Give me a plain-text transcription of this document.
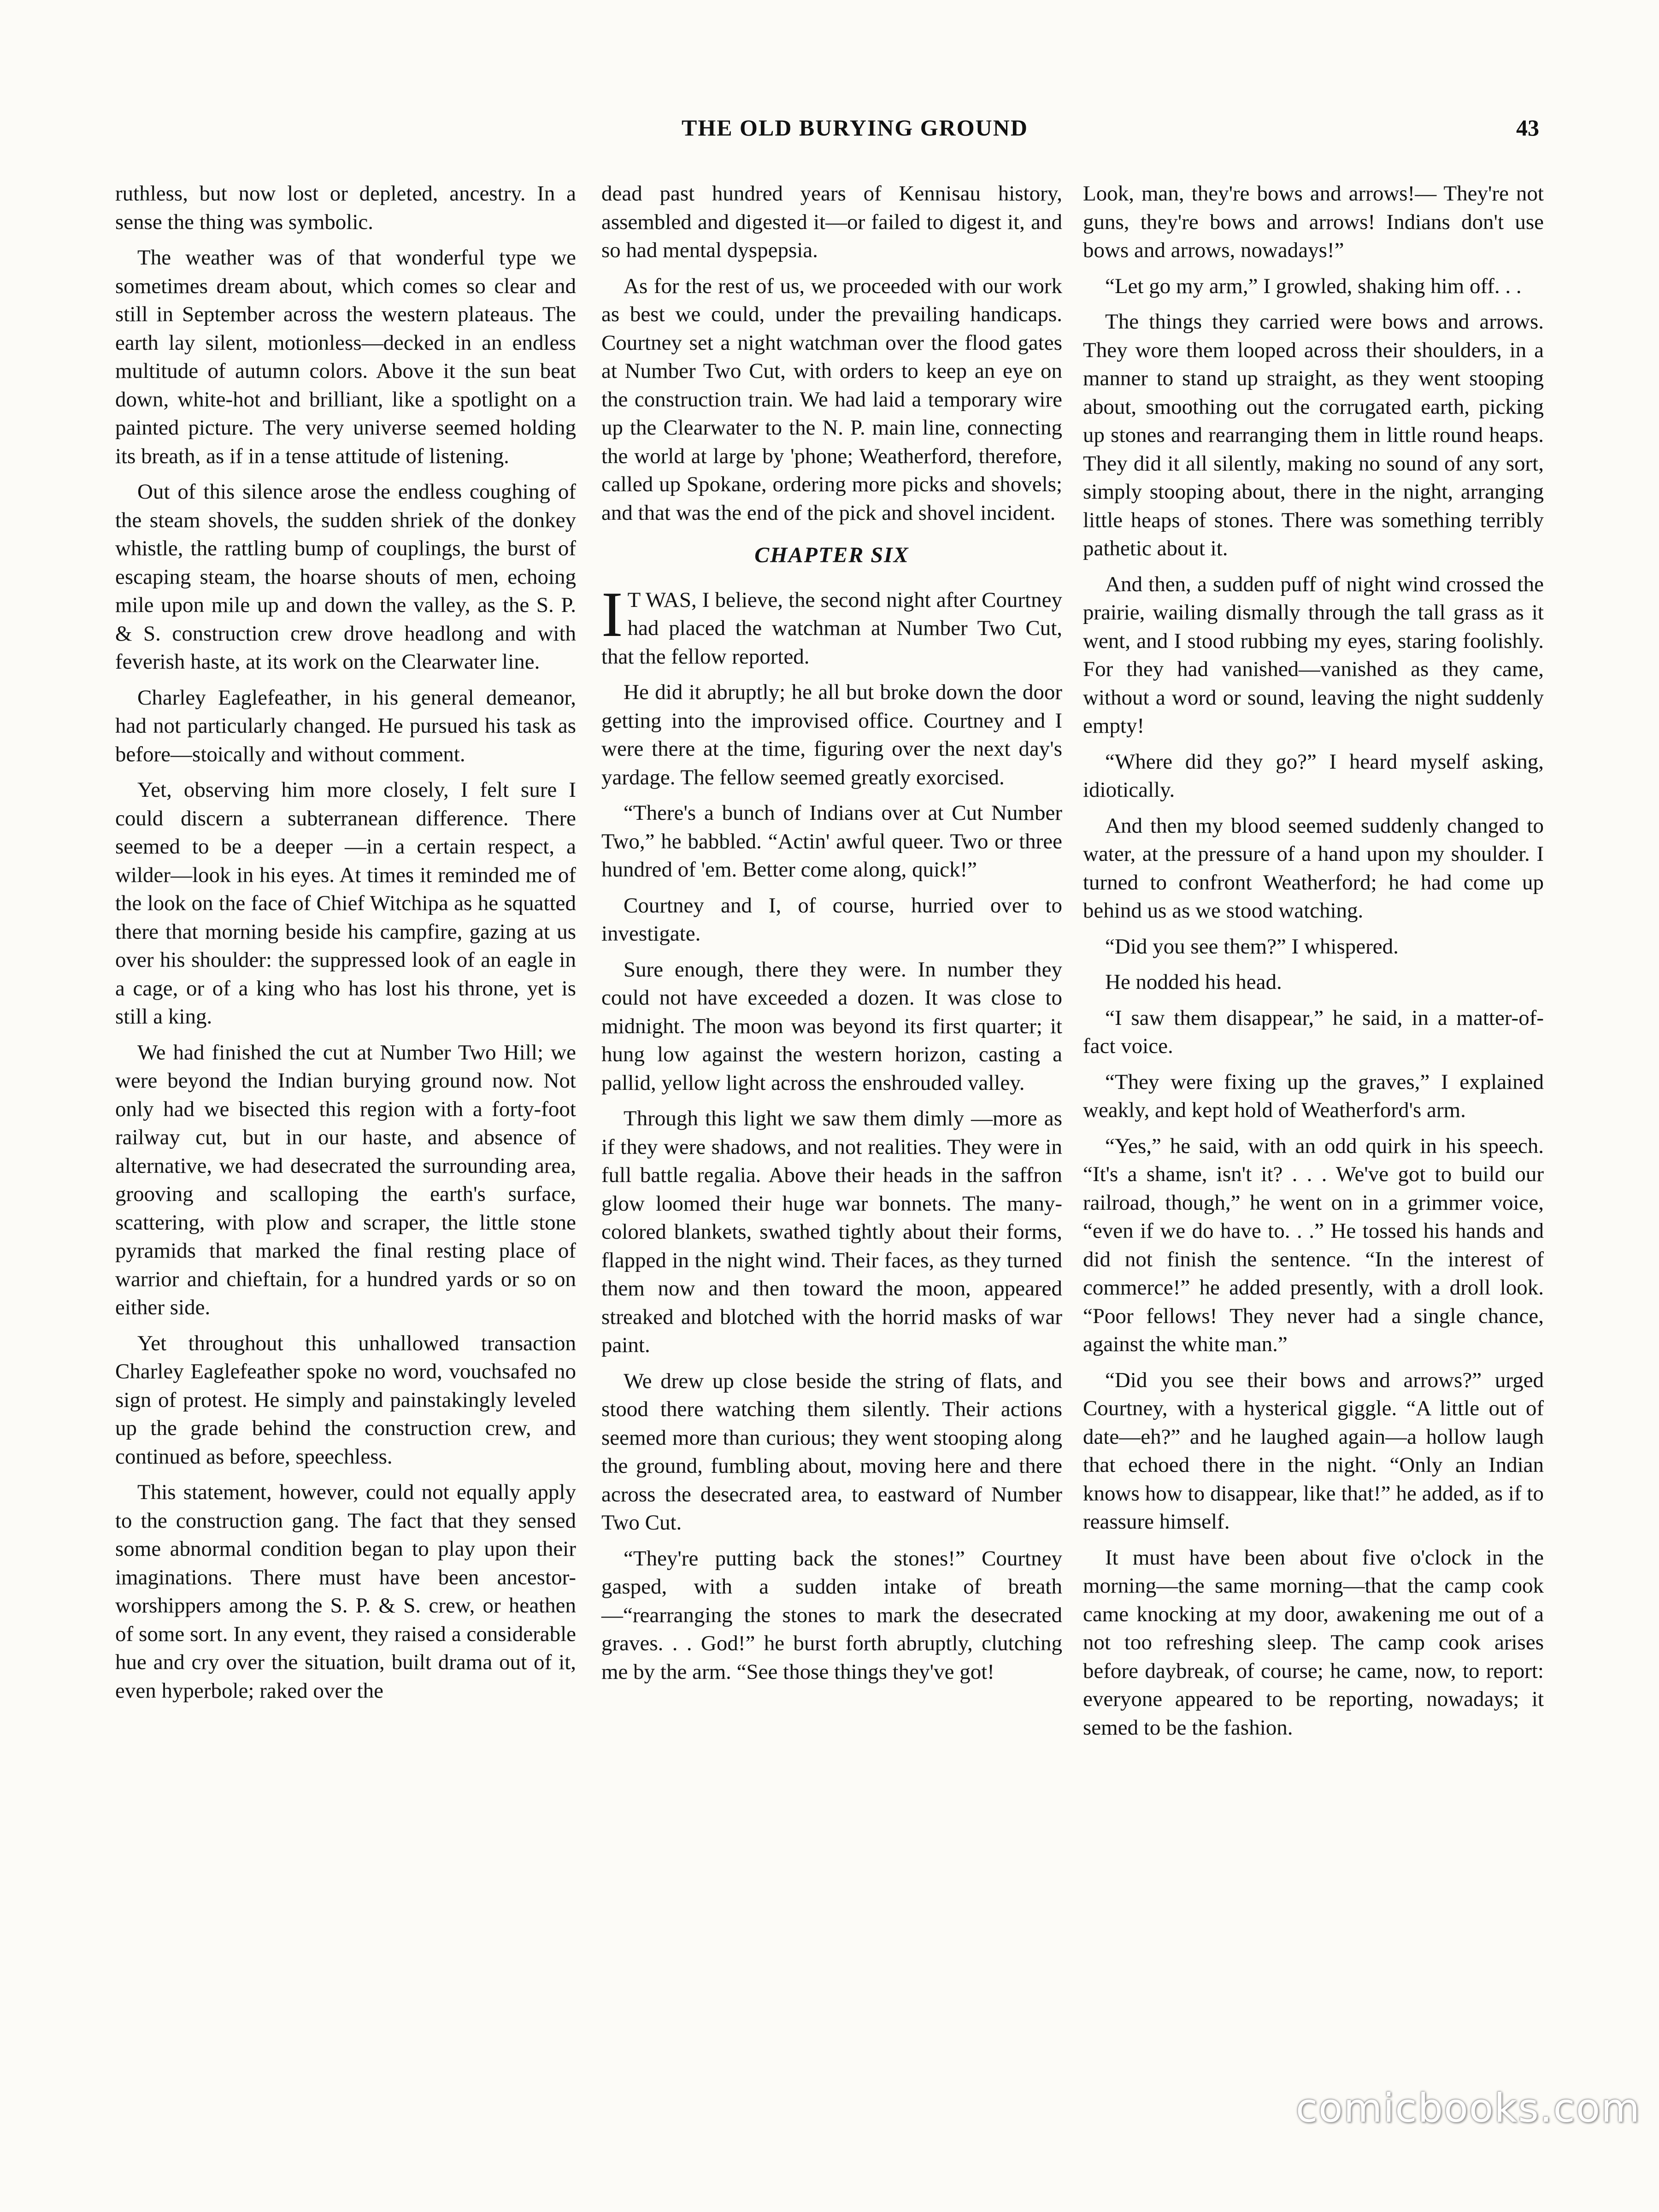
THE OLD BURYING GROUND	43

ruthless, but now lost or depleted, ancestry. In a sense the thing was symbolic.

The weather was of that wonderful type we sometimes dream about, which comes so clear and still in September across the western plateaus. The earth lay silent, motionless—decked in an endless multitude of autumn colors. Above it the sun beat down, white-hot and brilliant, like a spotlight on a painted picture. The very universe seemed holding its breath, as if in a tense attitude of listening.

Out of this silence arose the endless coughing of the steam shovels, the sudden shriek of the donkey whistle, the rattling bump of couplings, the burst of escaping steam, the hoarse shouts of men, echoing mile upon mile up and down the valley, as the S. P. & S. construction crew drove headlong and with feverish haste, at its work on the Clearwater line.

Charley Eaglefeather, in his general demeanor, had not particularly changed. He pursued his task as before—stoically and without comment.

Yet, observing him more closely, I felt sure I could discern a subterranean difference. There seemed to be a deeper —in a certain respect, a wilder—look in his eyes. At times it reminded me of the look on the face of Chief Witchipa as he squatted there that morning beside his campfire, gazing at us over his shoulder: the suppressed look of an eagle in a cage, or of a king who has lost his throne, yet is still a king.

We had finished the cut at Number Two Hill; we were beyond the Indian burying ground now. Not only had we bisected this region with a forty-foot railway cut, but in our haste, and absence of alternative, we had desecrated the surrounding area, grooving and scalloping the earth's surface, scattering, with plow and scraper, the little stone pyramids that marked the final resting place of warrior and chieftain, for a hundred yards or so on either side.

Yet throughout this unhallowed transaction Charley Eaglefeather spoke no word, vouchsafed no sign of protest. He simply and painstakingly leveled up the grade behind the construction crew, and continued as before, speechless.

This statement, however, could not equally apply to the construction gang. The fact that they sensed some abnormal condition began to play upon their imaginations. There must have been ancestor-worshippers among the S. P. & S. crew, or heathen of some sort. In any event, they raised a considerable hue and cry over the situation, built drama out of it, even hyperbole; raked over the

dead past hundred years of Kennisau history, assembled and digested it—or failed to digest it, and so had mental dyspepsia.

As for the rest of us, we proceeded with our work as best we could, under the prevailing handicaps. Courtney set a night watchman over the flood gates at Number Two Cut, with orders to keep an eye on the construction train. We had laid a temporary wire up the Clearwater to the N. P. main line, connecting the world at large by 'phone; Weatherford, therefore, called up Spokane, ordering more picks and shovels; and that was the end of the pick and shovel incident.

CHAPTER SIX

I T WAS, I believe, the second night after Courtney had placed the watchman at Number Two Cut, that the fellow reported.

He did it abruptly; he all but broke down the door getting into the improvised office. Courtney and I were there at the time, figuring over the next day's yardage. The fellow seemed greatly exorcised.

“There's a bunch of Indians over at Cut Number Two,” he babbled. “Actin' awful queer. Two or three hundred of 'em. Better come along, quick!”

Courtney and I, of course, hurried over to investigate.

Sure enough, there they were. In number they could not have exceeded a dozen. It was close to midnight. The moon was beyond its first quarter; it hung low against the western horizon, casting a pallid, yellow light across the enshrouded valley.

Through this light we saw them dimly —more as if they were shadows, and not realities. They were in full battle regalia. Above their heads in the saffron glow loomed their huge war bonnets. The many-colored blankets, swathed tightly about their forms, flapped in the night wind. Their faces, as they turned them now and then toward the moon, appeared streaked and blotched with the horrid masks of war paint.

We drew up close beside the string of flats, and stood there watching them silently. Their actions seemed more than curious; they went stooping along the ground, fumbling about, moving here and there across the desecrated area, to eastward of Number Two Cut.

“They're putting back the stones!” Courtney gasped, with a sudden intake of breath—“rearranging the stones to mark the desecrated graves. . . God!” he burst forth abruptly, clutching me by the arm. “See those things they've got!

Look, man, they're bows and arrows!— They're not guns, they're bows and arrows! Indians don't use bows and arrows, nowadays!”

“Let go my arm,” I growled, shaking him off. . .

The things they carried were bows and arrows. They wore them looped across their shoulders, in a manner to stand up straight, as they went stooping about, smoothing out the corrugated earth, picking up stones and rearranging them in little round heaps. They did it all silently, making no sound of any sort, simply stooping about, there in the night, arranging little heaps of stones. There was something terribly pathetic about it.

And then, a sudden puff of night wind crossed the prairie, wailing dismally through the tall grass as it went, and I stood rubbing my eyes, staring foolishly. For they had vanished—vanished as they came, without a word or sound, leaving the night suddenly empty!

“Where did they go?” I heard myself asking, idiotically.

And then my blood seemed suddenly changed to water, at the pressure of a hand upon my shoulder. I turned to confront Weatherford; he had come up behind us as we stood watching.

“Did you see them?” I whispered.

He nodded his head.

“I saw them disappear,” he said, in a matter-of-fact voice.

“They were fixing up the graves,” I explained weakly, and kept hold of Weatherford's arm.

“Yes,” he said, with an odd quirk in his speech. “It's a shame, isn't it? . . . We've got to build our railroad, though,” he went on in a grimmer voice, “even if we do have to. . .” He tossed his hands and did not finish the sentence. “In the interest of commerce!” he added presently, with a droll look. “Poor fellows! They never had a single chance, against the white man.”

“Did you see their bows and arrows?” urged Courtney, with a hysterical giggle. “A little out of date—eh?” and he laughed again—a hollow laugh that echoed there in the night. “Only an Indian knows how to disappear, like that!” he added, as if to reassure himself.

It must have been about five o'clock in the morning—the same morning—that the camp cook came knocking at my door, awakening me out of a not too refreshing sleep. The camp cook arises before daybreak, of course; he came, now, to report: everyone appeared to be reporting, nowadays; it semed to be the fashion.

comicbooks.com
